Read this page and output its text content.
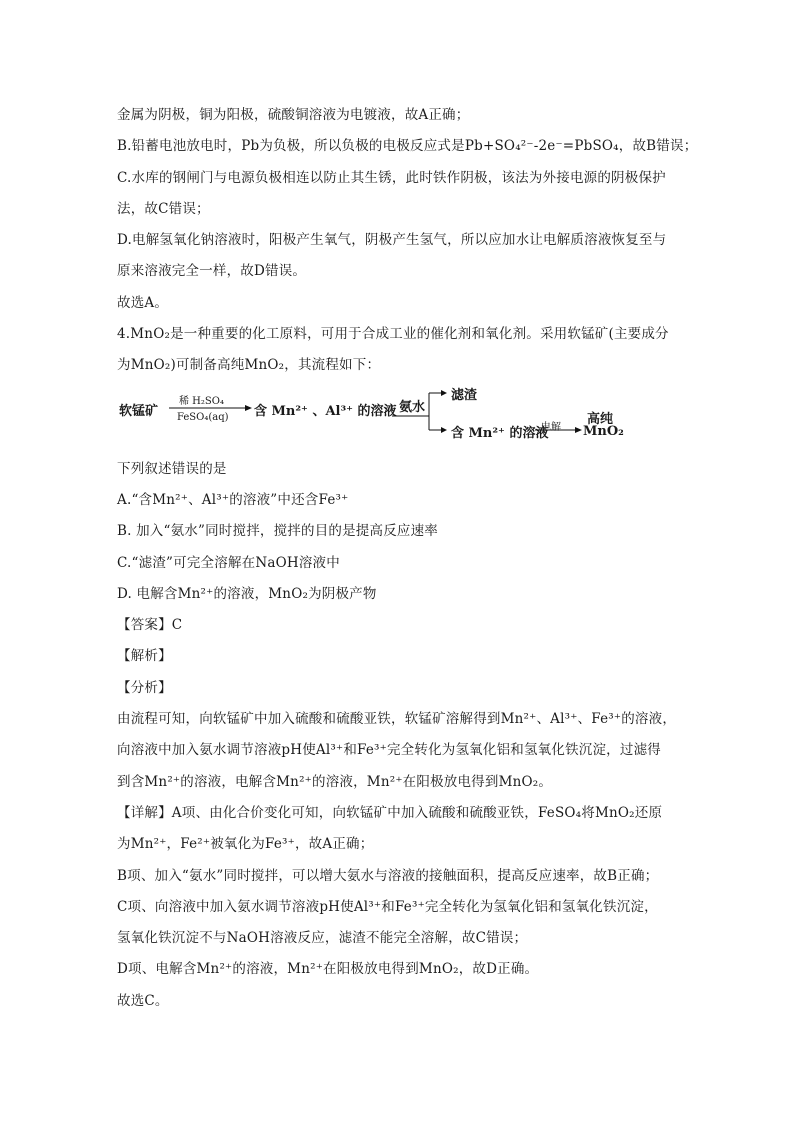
金属为阴极，铜为阳极，硫酸铜溶液为电镀液，故A正确；
B.铅蓄电池放电时，Pb为负极，所以负极的电极反应式是Pb+SO₄²⁻-2e⁻=PbSO₄，故B错误；
C.水库的钢闸门与电源负极相连以防止其生锈，此时铁作阴极，该法为外接电源的阴极保护
法，故C错误；
D.电解氢氧化钠溶液时，阳极产生氧气，阴极产生氢气，所以应加水让电解质溶液恢复至与
原来溶液完全一样，故D错误。
故选A。
4.MnO₂是一种重要的化工原料，可用于合成工业的催化剂和氧化剂。采用软锰矿(主要成分
为MnO₂)可制备高纯MnO₂，其流程如下：
软锰矿
稀 H₂SO₄
FeSO₄(aq) 含 Mn²⁺ 、Al³⁺ 的溶液 氨水
滤渣
含 Mn²⁺ 的溶液
电解
高纯
MnO₂
下列叙述错误的是
A.“含Mn²⁺、Al³⁺的溶液”中还含Fe³⁺
B. 加入“氨水”同时搅拌，搅拌的目的是提高反应速率
C.“滤渣”可完全溶解在NaOH溶液中
D. 电解含Mn²⁺的溶液，MnO₂为阴极产物
【答案】C
【解析】
【分析】
由流程可知，向软锰矿中加入硫酸和硫酸亚铁，软锰矿溶解得到Mn²⁺、Al³⁺、Fe³⁺的溶液，
向溶液中加入氨水调节溶液pH使Al³⁺和Fe³⁺完全转化为氢氧化铝和氢氧化铁沉淀，过滤得
到含Mn²⁺的溶液，电解含Mn²⁺的溶液，Mn²⁺在阳极放电得到MnO₂。
【详解】A项、由化合价变化可知，向软锰矿中加入硫酸和硫酸亚铁，FeSO₄将MnO₂还原
为Mn²⁺，Fe²⁺被氧化为Fe³⁺，故A正确；
B项、加入“氨水”同时搅拌，可以增大氨水与溶液的接触面积，提高反应速率，故B正确；
C项、向溶液中加入氨水调节溶液pH使Al³⁺和Fe³⁺完全转化为氢氧化铝和氢氧化铁沉淀，
氢氧化铁沉淀不与NaOH溶液反应，滤渣不能完全溶解，故C错误；
D项、电解含Mn²⁺的溶液，Mn²⁺在阳极放电得到MnO₂，故D正确。
故选C。
